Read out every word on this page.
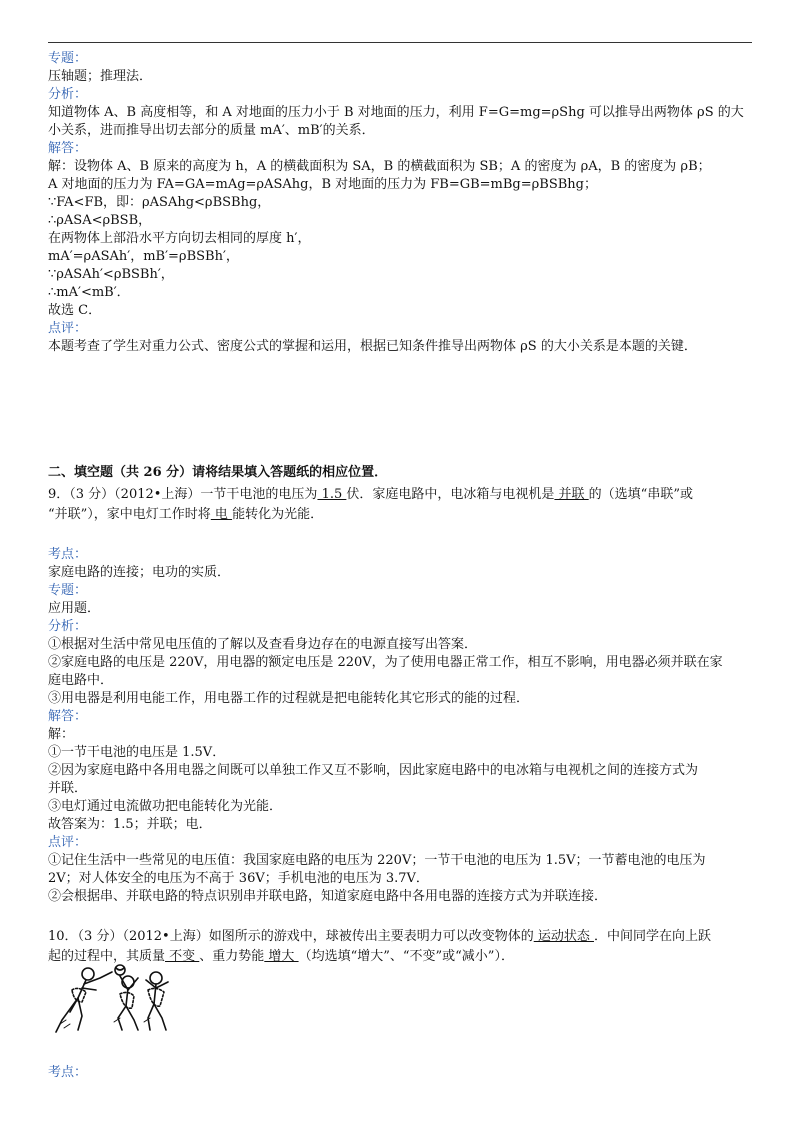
专题：
压轴题；推理法．
分析：
知道物体 A、B 高度相等，和 A 对地面的压力小于 B 对地面的压力，利用 F=G=mg=ρShg 可以推导出两物体 ρS 的大
小关系，进而推导出切去部分的质量 mA′、mB′的关系．
解答：
解：设物体 A、B 原来的高度为 h，A 的横截面积为 SA，B 的横截面积为 SB；A 的密度为 ρA，B 的密度为 ρB；
A 对地面的压力为 FA=GA=mAg=ρASAhg，B 对地面的压力为 FB=GB=mBg=ρBSBhg；
∵FA<FB，即：ρASAhg<ρBSBhg，
∴ρASA<ρBSB，
在两物体上部沿水平方向切去相同的厚度 h′，
mA′=ρASAh′，mB′=ρBSBh′，
∵ρASAh′<ρBSBh′，
∴mA′<mB′．
故选 C．
点评：
本题考查了学生对重力公式、密度公式的掌握和运用，根据已知条件推导出两物体 ρS 的大小关系是本题的关键．
二、填空题（共 26 分）请将结果填入答题纸的相应位置．
9．（3 分）（2012•上海）一节干电池的电压为 1.5 伏．家庭电路中，电冰箱与电视机是 并联 的（选填“串联”或
“并联”），家中电灯工作时将 电 能转化为光能．
考点：
家庭电路的连接；电功的实质．
专题：
应用题．
分析：
①根据对生活中常见电压值的了解以及查看身边存在的电源直接写出答案．
②家庭电路的电压是 220V，用电器的额定电压是 220V，为了使用电器正常工作，相互不影响，用电器必须并联在家
庭电路中．
③用电器是利用电能工作，用电器工作的过程就是把电能转化其它形式的能的过程．
解答：
解：
①一节干电池的电压是 1.5V．
②因为家庭电路中各用电器之间既可以单独工作又互不影响，因此家庭电路中的电冰箱与电视机之间的连接方式为
并联．
③电灯通过电流做功把电能转化为光能．
故答案为：1.5；并联；电．
点评：
①记住生活中一些常见的电压值：我国家庭电路的电压为 220V；一节干电池的电压为 1.5V；一节蓄电池的电压为
2V；对人体安全的电压为不高于 36V；手机电池的电压为 3.7V．
②会根据串、并联电路的特点识别串并联电路，知道家庭电路中各用电器的连接方式为并联连接．
10．（3 分）（2012•上海）如图所示的游戏中，球被传出主要表明力可以改变物体的 运动状态 ．中间同学在向上跃
起的过程中，其质量 不变 、重力势能 增大 （均选填“增大”、“不变”或“减小”）．
考点：
